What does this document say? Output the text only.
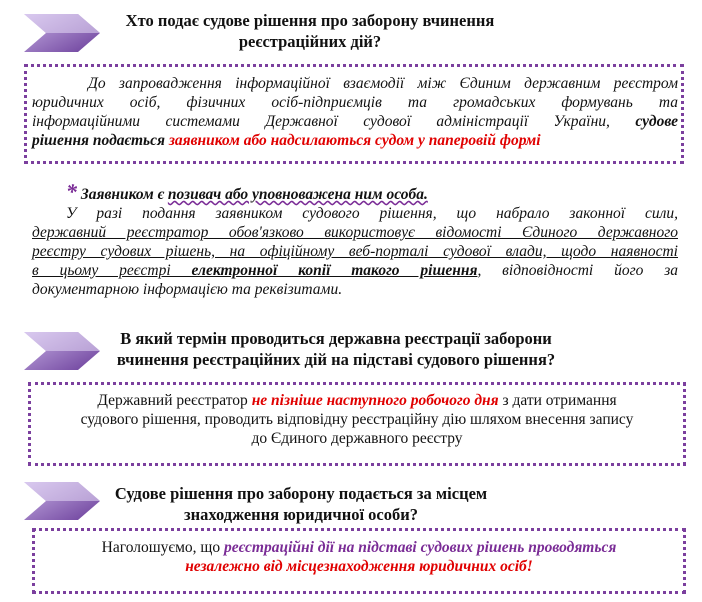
Хто подає судове рішення про заборону вчинення
реєстраційних дій?
До запровадження інформаційної взаємодії між Єдиним державним реєстром
юридичних осіб, фізичних осіб-підприємців та громадських формувань та
інформаційними системами Державної судової адміністрації України, судове
рішення подається заявником або надсилаються судом у паперовій формі
* Заявником є позивач або уповноважена ним особа.
У разі подання заявником судового рішення, що набрало законної сили,
державний реєстратор обов'язково використовує відомості Єдиного державного
реєстру судових рішень, на офіційному веб-порталі судової влади, щодо наявності
в цьому реєстрі електронної копії такого рішення, відповідності його за
документарною інформацією та реквізитами.
В який термін проводиться державна реєстрації заборони
вчинення реєстраційних дій на підставі судового рішення?
Державний реєстратор не пізніше наступного робочого дня з дати отримання
судового рішення, проводить відповідну реєстраційну дію шляхом внесення запису
до Єдиного державного реєстру
Судове рішення про заборону подається за місцем
знаходження юридичної особи?
Наголошуємо, що реєстраційні дії на підставі судових рішень проводяться
незалежно від місцезнаходження юридичних осіб!
